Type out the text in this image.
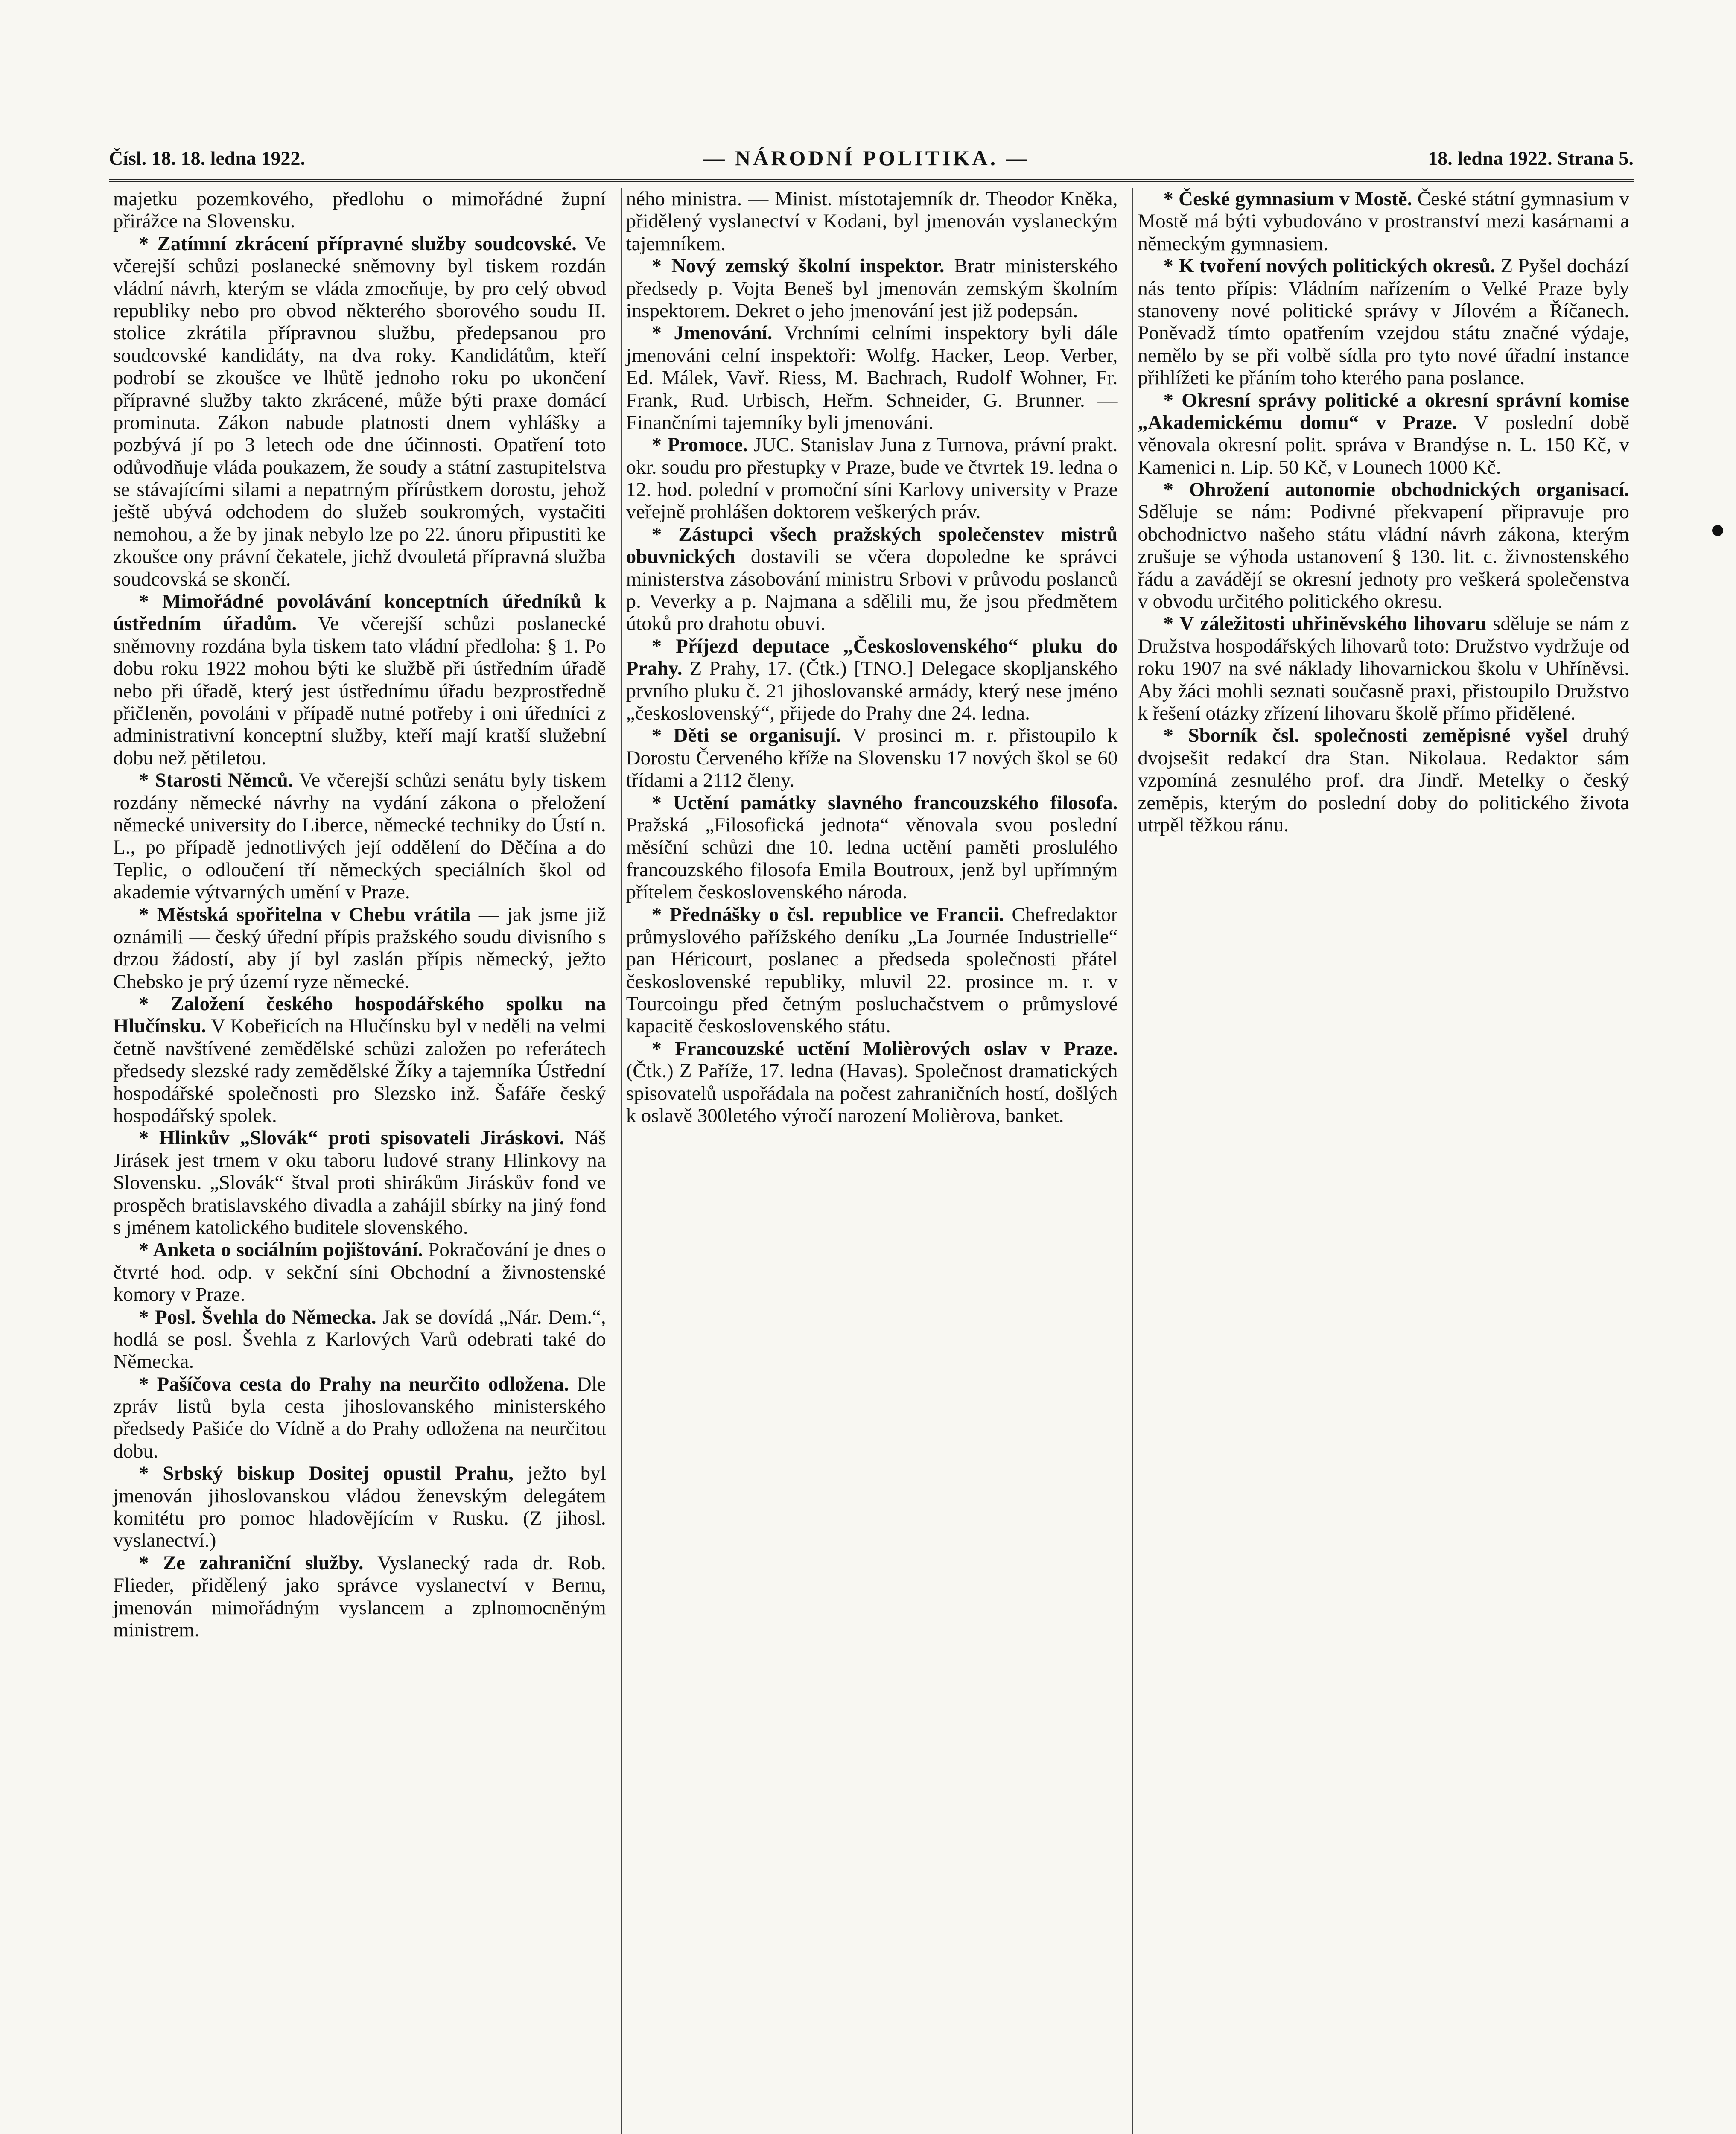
Čísl. 18. 18. ledna 1922.	— NÁRODNÍ POLITIKA. —	18. ledna 1922. Strana 5.

majetku pozemkového, předlohu o mimořádné župní přirážce na Slovensku.

* Zatímní zkrácení přípravné služby soudcovské. Ve včerejší schůzi poslanecké sněmovny byl tiskem rozdán vládní návrh, kterým se vláda zmocňuje, by pro celý obvod republiky nebo pro obvod některého sborového soudu II. stolice zkrátila přípravnou službu, předepsanou pro soudcovské kandidáty, na dva roky. Kandidátům, kteří podrobí se zkoušce ve lhůtě jednoho roku po ukončení přípravné služby takto zkrácené, může býti praxe domácí prominuta. Zákon nabude platnosti dnem vyhlášky a pozbývá jí po 3 letech ode dne účinnosti. Opatření toto odůvodňuje vláda poukazem, že soudy a státní zastupitelstva se stávajícími silami a nepatrným přírůstkem dorostu, jehož ještě ubývá odchodem do služeb soukromých, vystačiti nemohou, a že by jinak nebylo lze po 22. únoru připustiti ke zkoušce ony právní čekatele, jichž dvouletá přípravná služba soudcovská se skončí.

* Mimořádné povolávání konceptních úředníků k ústředním úřadům. Ve včerejší schůzi poslanecké sněmovny rozdána byla tiskem tato vládní předloha: § 1. Po dobu roku 1922 mohou býti ke službě při ústředním úřadě nebo při úřadě, který jest ústřednímu úřadu bezprostředně přičleněn, povoláni v případě nutné potřeby i oni úředníci z administrativní konceptní služby, kteří mají kratší služební dobu než pětiletou.

* Starosti Němců. Ve včerejší schůzi senátu byly tiskem rozdány německé návrhy na vydání zákona o přeložení německé university do Liberce, německé techniky do Ústí n. L., po případě jednotlivých její oddělení do Děčína a do Teplic, o odloučení tří německých speciálních škol od akademie výtvarných umění v Praze.

* Městská spořitelna v Chebu vrátila — jak jsme již oznámili — český úřední přípis pražského soudu divisního s drzou žádostí, aby jí byl zaslán přípis německý, ježto Chebsko je prý území ryze německé.

* Založení českého hospodářského spolku na Hlučínsku. V Kobeřicích na Hlučínsku byl v neděli na velmi četně navštívené zemědělské schůzi založen po referátech předsedy slezské rady zemědělské Žíky a tajemníka Ústřední hospodářské společnosti pro Slezsko inž. Šafáře český hospodářský spolek.

* Hlinkův „Slovák“ proti spisovateli Jiráskovi. Náš Jirásek jest trnem v oku taboru ludové strany Hlinkovy na Slovensku. „Slovák“ štval proti shirákům Jiráskův fond ve prospěch bratislavského divadla a zahájil sbírky na jiný fond s jménem katolického buditele slovenského.

* Anketa o sociálním pojištování. Pokračování je dnes o čtvrté hod. odp. v sekční síni Obchodní a živnostenské komory v Praze.

* Posl. Švehla do Německa. Jak se dovídá „Nár. Dem.“, hodlá se posl. Švehla z Karlových Varů odebrati také do Německa.

* Pašíčova cesta do Prahy na neurčito odložena. Dle zpráv listů byla cesta jihoslovanského ministerského předsedy Pašiće do Vídně a do Prahy odložena na neurčitou dobu.

* Srbský biskup Dositej opustil Prahu, ježto byl jmenován jihoslovanskou vládou ženevským delegátem komitétu pro pomoc hladovějícím v Rusku. (Z jihosl. vyslanectví.)

* Ze zahraniční služby. Vyslanecký rada dr. Rob. Flieder, přidělený jako správce vyslanectví v Bernu, jmenován mimořádným vyslancem a zplnomocněným ministrem.

ného ministra. — Minist. místotajemník dr. Theodor Kněka, přidělený vyslanectví v Kodani, byl jmenován vyslaneckým tajemníkem.

* Nový zemský školní inspektor. Bratr ministerského předsedy p. Vojta Beneš byl jmenován zemským školním inspektorem. Dekret o jeho jmenování jest již podepsán.

* Jmenování. Vrchními celními inspektory byli dále jmenováni celní inspektoři: Wolfg. Hacker, Leop. Verber, Ed. Málek, Vavř. Riess, M. Bachrach, Rudolf Wohner, Fr. Frank, Rud. Urbisch, Heřm. Schneider, G. Brunner. — Finančními tajemníky byli jmenováni.

* Promoce. JUC. Stanislav Juna z Turnova, právní prakt. okr. soudu pro přestupky v Praze, bude ve čtvrtek 19. ledna o 12. hod. polední v promoční síni Karlovy university v Praze veřejně prohlášen doktorem veškerých práv.

* Zástupci všech pražských společenstev mistrů obuvnických dostavili se včera dopoledne ke správci ministerstva zásobování ministru Srbovi v průvodu poslanců p. Veverky a p. Najmana a sdělili mu, že jsou předmětem útoků pro drahotu obuvi.

* Příjezd deputace „Československého“ pluku do Prahy. Z Prahy, 17. (Čtk.) [TNO.] Delegace skopljanského prvního pluku č. 21 jihoslovanské armády, který nese jméno „československý“, přijede do Prahy dne 24. ledna.

* Děti se organisují. V prosinci m. r. přistoupilo k Dorostu Červeného kříže na Slovensku 17 nových škol se 60 třídami a 2112 členy.

* Uctění památky slavného francouzského filosofa. Pražská „Filosofická jednota“ věnovala svou poslední měsíční schůzi dne 10. ledna uctění paměti proslulého francouzského filosofa Emila Boutroux, jenž byl upřímným přítelem československého národa.

* Přednášky o čsl. republice ve Francii. Chefredaktor průmyslového pařížského deníku „La Journée Industrielle“ pan Héricourt, poslanec a předseda společnosti přátel československé republiky, mluvil 22. prosince m. r. v Tourcoingu před četným posluchačstvem o průmyslové kapacitě československého státu.

* Francouzské uctění Molièrových oslav v Praze. (Čtk.) Z Paříže, 17. ledna (Havas). Společnost dramatických spisovatelů uspořádala na počest zahraničních hostí, došlých k oslavě 300letého výročí narození Molièrova, banket.

* České gymnasium v Mostě. České státní gymnasium v Mostě má býti vybudováno v prostranství mezi kasárnami a německým gymnasiem.

* K tvoření nových politických okresů. Z Pyšel dochází nás tento přípis: Vládním nařízením o Velké Praze byly stanoveny nové politické správy v Jílovém a Říčanech. Poněvadž tímto opatřením vzejdou státu značné výdaje, nemělo by se při volbě sídla pro tyto nové úřadní instance přihlížeti ke přáním toho kterého pana poslance.

* Okresní správy politické a okresní správní komise „Akademickému domu“ v Praze. V poslední době věnovala okresní polit. správa v Brandýse n. L. 150 Kč, v Kamenici n. Lip. 50 Kč, v Lounech 1000 Kč.

* Ohrožení autonomie obchodnických organisací. Sděluje se nám: Podivné překvapení připravuje pro obchodnictvo našeho státu vládní návrh zákona, kterým zrušuje se výhoda ustanovení § 130. lit. c. živnostenského řádu a zavádějí se okresní jednoty pro veškerá společenstva v obvodu určitého politického okresu.

* V záležitosti uhřiněvského lihovaru sděluje se nám z Družstva hospodářských lihovarů toto: Družstvo vydržuje od roku 1907 na své náklady lihovarnickou školu v Uhříněvsi. Aby žáci mohli seznati současně praxi, přistoupilo Družstvo k řešení otázky zřízení lihovaru školě přímo přidělené.

* Sborník čsl. společnosti zeměpisné vyšel druhý dvojsešit redakcí dra Stan. Nikolaua. Redaktor sám vzpomíná zesnulého prof. dra Jindř. Metelky o český zeměpis, kterým do poslední doby do politického života utrpěl těžkou ránu.
